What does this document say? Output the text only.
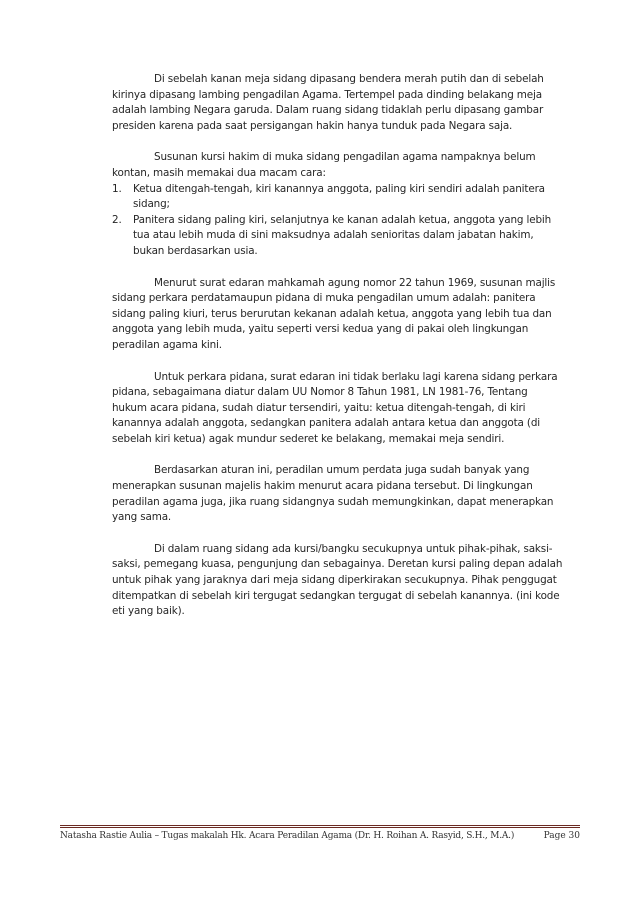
Di sebelah kanan meja sidang dipasang bendera merah putih dan di sebelah kirinya dipasang lambing pengadilan Agama. Tertempel pada dinding belakang meja adalah lambing Negara garuda. Dalam ruang sidang tidaklah perlu dipasang gambar presiden karena pada saat persigangan hakin hanya tunduk pada Negara saja.

Susunan kursi hakim di muka sidang pengadilan agama nampaknya belum kontan, masih memakai dua macam cara:

1. Ketua ditengah-tengah, kiri kanannya anggota, paling kiri sendiri adalah panitera sidang;
2. Panitera sidang paling kiri, selanjutnya ke kanan adalah ketua, anggota yang lebih tua atau lebih muda di sini maksudnya adalah senioritas dalam jabatan hakim, bukan berdasarkan usia.

Menurut surat edaran mahkamah agung nomor 22 tahun 1969, susunan majlis sidang perkara perdatamaupun pidana di muka pengadilan umum adalah: panitera sidang paling kiuri, terus berurutan kekanan adalah ketua, anggota yang lebih tua dan anggota yang lebih muda, yaitu seperti versi kedua yang di pakai oleh lingkungan peradilan agama kini.

Untuk perkara pidana, surat edaran ini tidak berlaku lagi karena sidang perkara pidana, sebagaimana diatur dalam UU Nomor 8 Tahun 1981, LN 1981-76, Tentang hukum acara pidana, sudah diatur tersendiri, yaitu: ketua ditengah-tengah, di kiri kanannya adalah anggota, sedangkan panitera adalah antara ketua dan anggota (di sebelah kiri ketua) agak mundur sederet ke belakang, memakai meja sendiri.

Berdasarkan aturan ini, peradilan umum perdata juga sudah banyak yang menerapkan susunan majelis hakim menurut acara pidana tersebut. Di lingkungan peradilan agama juga, jika ruang sidangnya sudah memungkinkan, dapat menerapkan yang sama.

Di dalam ruang sidang ada kursi/bangku secukupnya untuk pihak-pihak, saksi-saksi, pemegang kuasa, pengunjung dan sebagainya. Deretan kursi paling depan adalah untuk pihak yang jaraknya dari meja sidang diperkirakan secukupnya. Pihak penggugat ditempatkan di sebelah kiri tergugat sedangkan tergugat di sebelah kanannya. (ini kode eti yang baik).

Natasha Rastie Aulia – Tugas makalah Hk. Acara Peradilan Agama (Dr. H. Roihan A. Rasyid, S.H., M.A.)	Page 30
